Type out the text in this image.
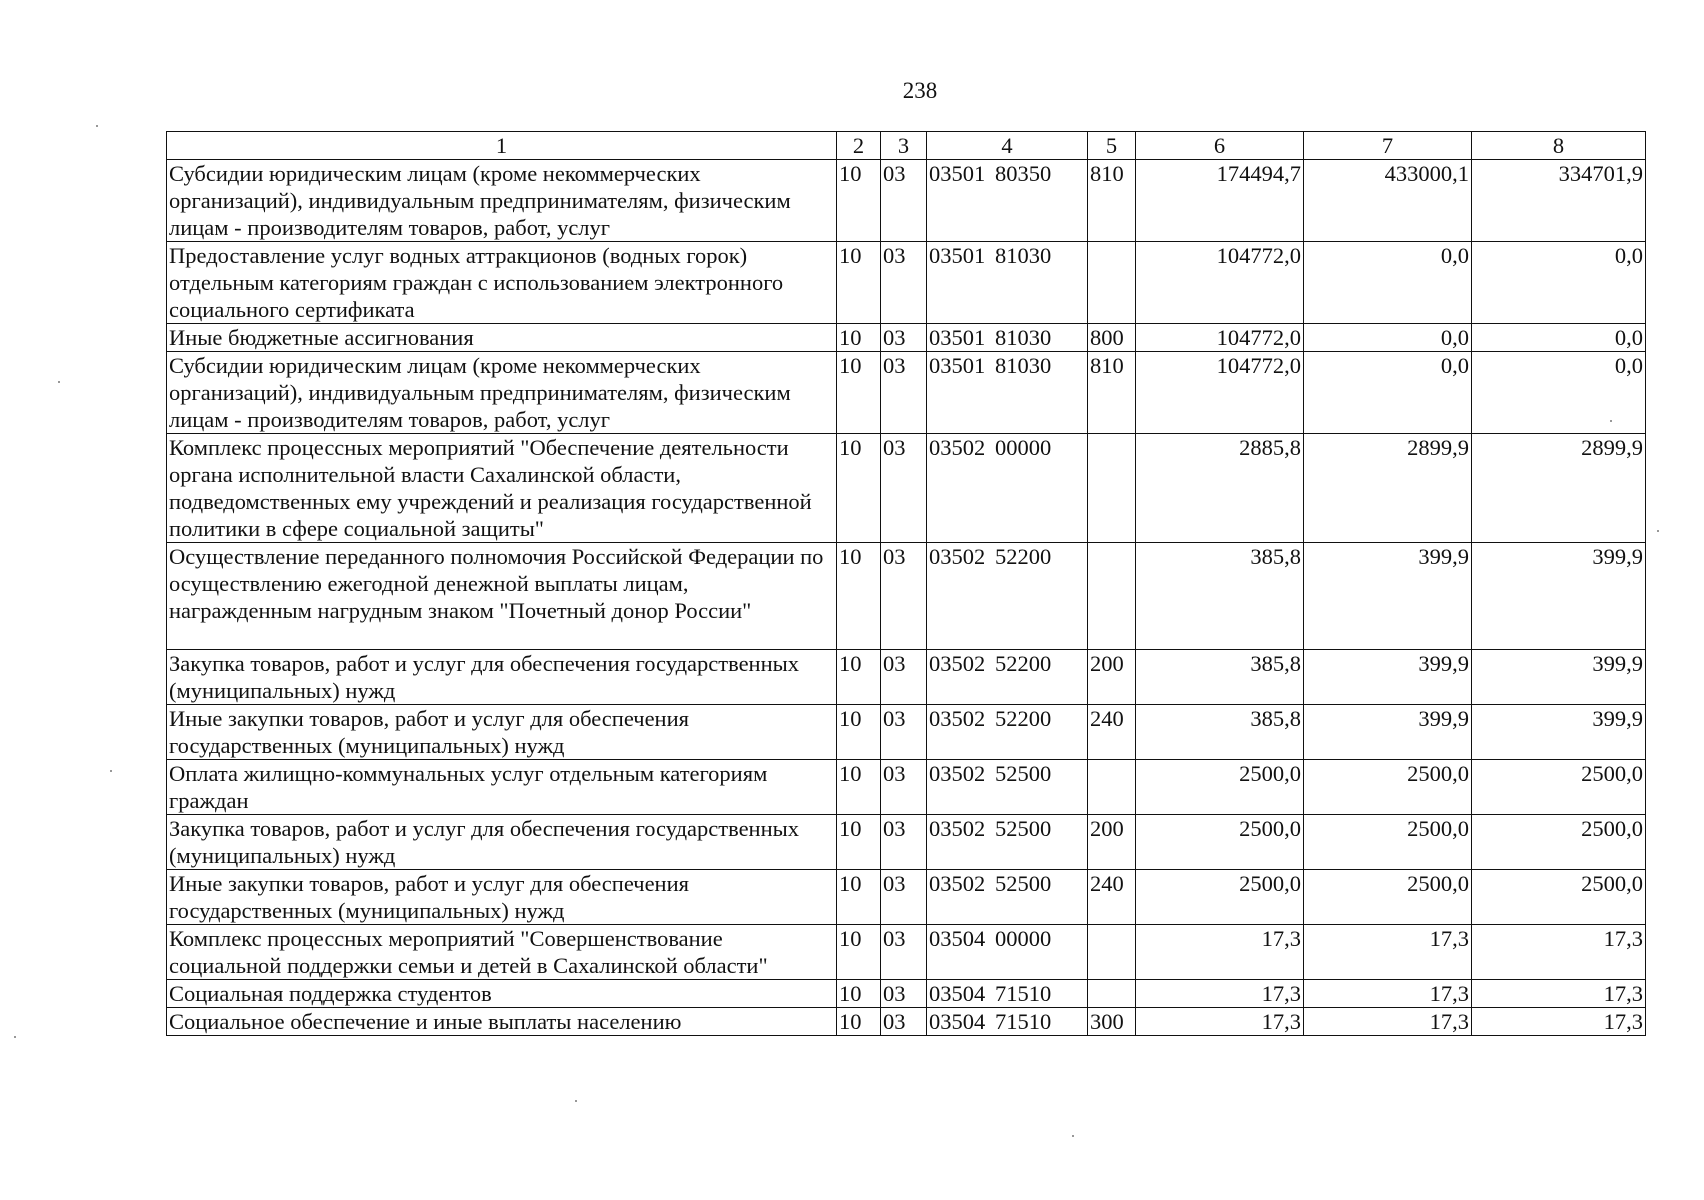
238
1	2	3	4	5	6	7	8
Субсидии юридическим лицам (кроме некоммерческих организаций), индивидуальным предпринимателям, физическим лицам - производителям товаров, работ, услуг	10	03	03501 80350	810	174494,7	433000,1	334701,9
Предоставление услуг водных аттракционов (водных горок) отдельным категориям граждан с использованием электронного социального сертификата	10	03	03501 81030		104772,0	0,0	0,0
Иные бюджетные ассигнования	10	03	03501 81030	800	104772,0	0,0	0,0
Субсидии юридическим лицам (кроме некоммерческих организаций), индивидуальным предпринимателям, физическим лицам - производителям товаров, работ, услуг	10	03	03501 81030	810	104772,0	0,0	0,0
Комплекс процессных мероприятий "Обеспечение деятельности органа исполнительной власти Сахалинской области, подведомственных ему учреждений и реализация государственной политики в сфере социальной защиты"	10	03	03502 00000		2885,8	2899,9	2899,9
Осуществление переданного полномочия Российской Федерации по осуществлению ежегодной денежной выплаты лицам, награжденным нагрудным знаком "Почетный донор России"	10	03	03502 52200		385,8	399,9	399,9
Закупка товаров, работ и услуг для обеспечения государственных (муниципальных) нужд	10	03	03502 52200	200	385,8	399,9	399,9
Иные закупки товаров, работ и услуг для обеспечения государственных (муниципальных) нужд	10	03	03502 52200	240	385,8	399,9	399,9
Оплата жилищно-коммунальных услуг отдельным категориям граждан	10	03	03502 52500		2500,0	2500,0	2500,0
Закупка товаров, работ и услуг для обеспечения государственных (муниципальных) нужд	10	03	03502 52500	200	2500,0	2500,0	2500,0
Иные закупки товаров, работ и услуг для обеспечения государственных (муниципальных) нужд	10	03	03502 52500	240	2500,0	2500,0	2500,0
Комплекс процессных мероприятий "Совершенствование социальной поддержки семьи и детей в Сахалинской области"	10	03	03504 00000		17,3	17,3	17,3
Социальная поддержка студентов	10	03	03504 71510		17,3	17,3	17,3
Социальное обеспечение и иные выплаты населению	10	03	03504 71510	300	17,3	17,3	17,3
